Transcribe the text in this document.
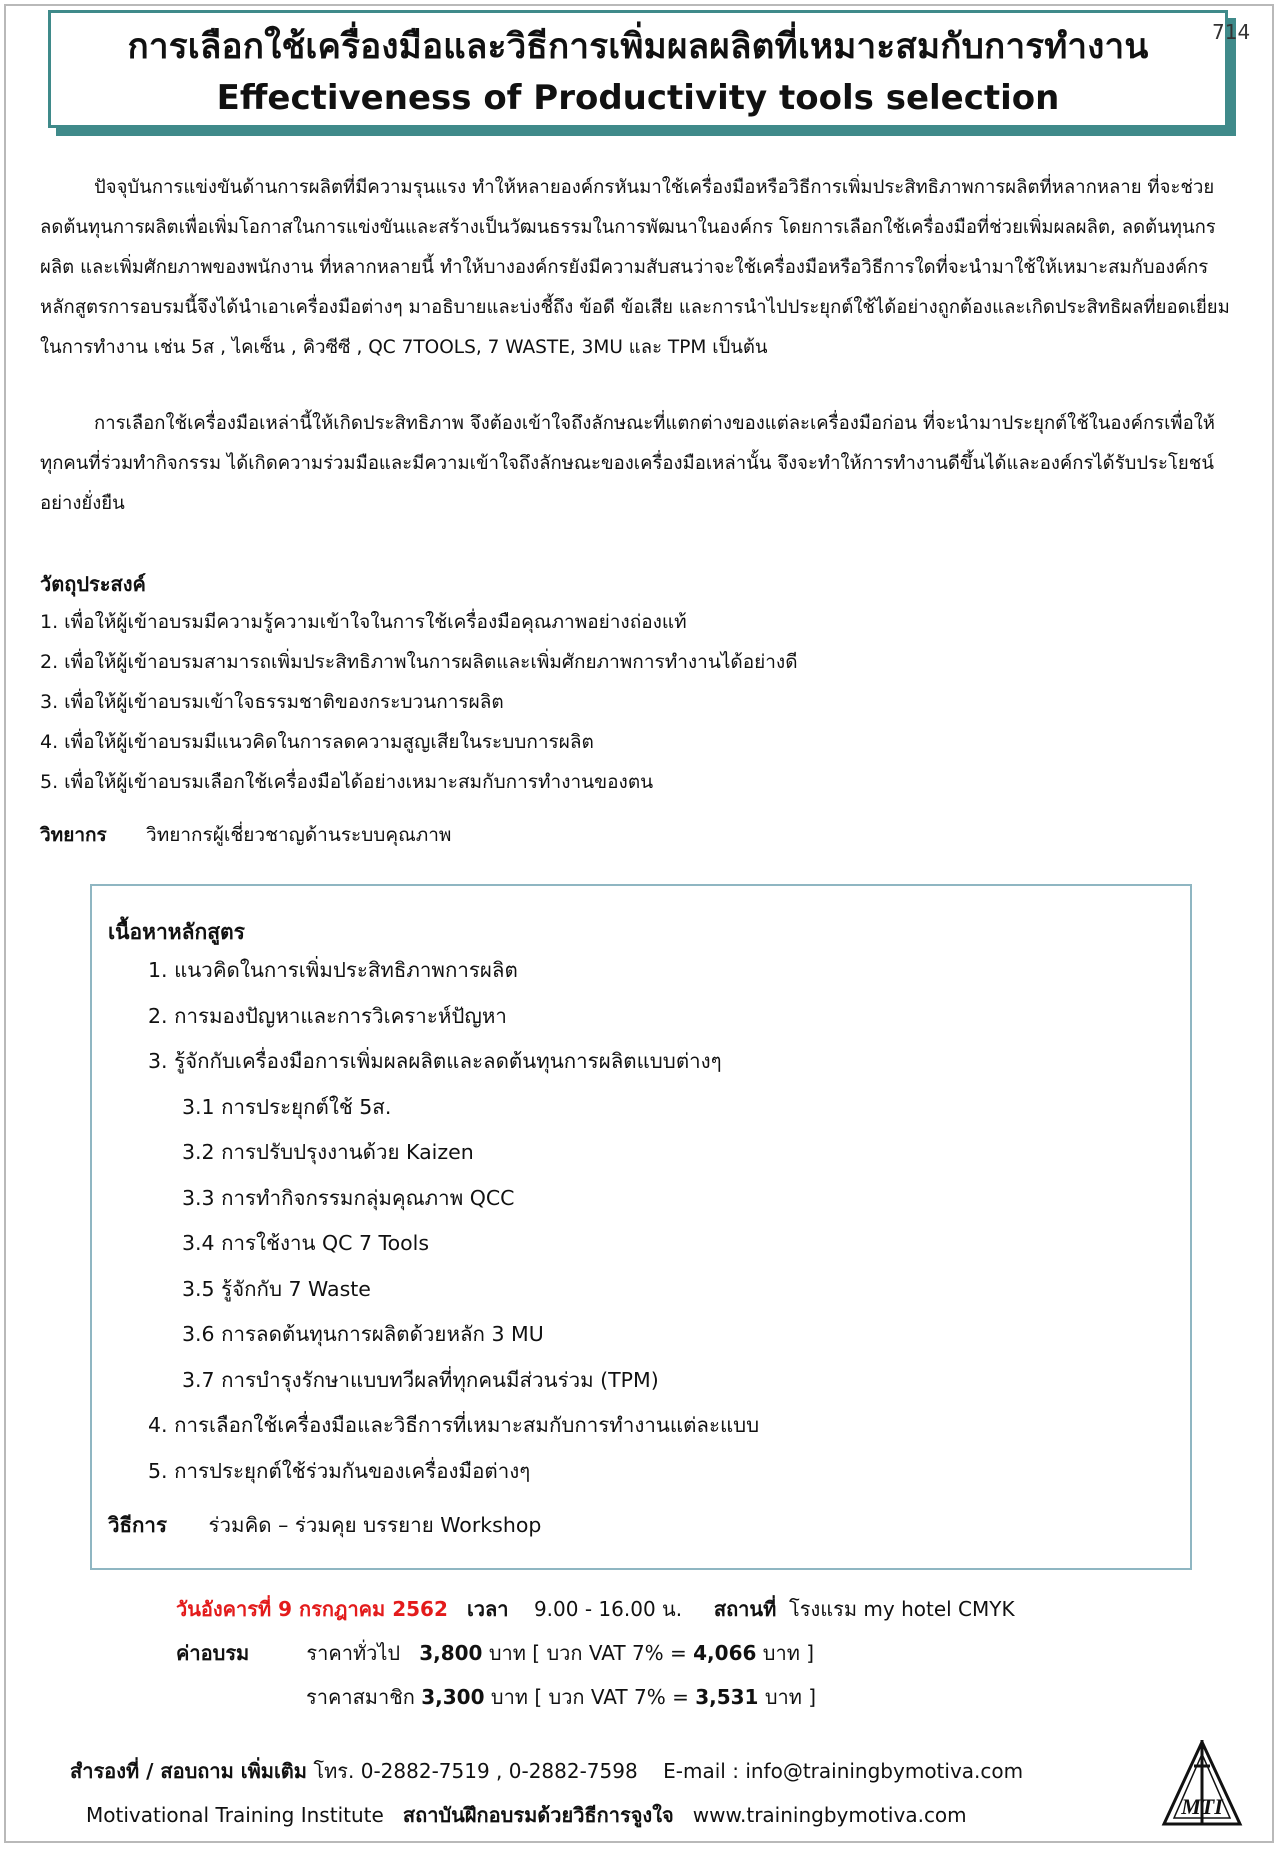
การเลือกใช้เครื่องมือและวิธีการเพิ่มผลผลิตที่เหมาะสมกับการทำงาน
Effectiveness of Productivity tools selection
714
ปัจจุบันการแข่งขันด้านการผลิตที่มีความรุนแรง ทำให้หลายองค์กรหันมาใช้เครื่องมือหรือวิธีการเพิ่มประสิทธิภาพการผลิตที่หลากหลาย ที่จะช่วยลดต้นทุนการผลิตเพื่อเพิ่มโอกาสในการแข่งขันและสร้างเป็นวัฒนธรรมในการพัฒนาในองค์กร โดยการเลือกใช้เครื่องมือที่ช่วยเพิ่มผลผลิต, ลดต้นทุนกรผลิต และเพิ่มศักยภาพของพนักงาน ที่หลากหลายนี้ ทำให้บางองค์กรยังมีความสับสนว่าจะใช้เครื่องมือหรือวิธีการใดที่จะนำมาใช้ให้เหมาะสมกับองค์กร หลักสูตรการอบรมนี้จึงได้นำเอาเครื่องมือต่างๆ มาอธิบายและบ่งชี้ถึง ข้อดี ข้อเสีย และการนำไปประยุกต์ใช้ได้อย่างถูกต้องและเกิดประสิทธิผลที่ยอดเยี่ยมในการทำงาน เช่น 5ส , ไคเซ็น , คิวซีซี , QC 7TOOLS, 7 WASTE, 3MU และ TPM เป็นต้น
การเลือกใช้เครื่องมือเหล่านี้ให้เกิดประสิทธิภาพ จึงต้องเข้าใจถึงลักษณะที่แตกต่างของแต่ละเครื่องมือก่อน ที่จะนำมาประยุกต์ใช้ในองค์กรเพื่อให้ทุกคนที่ร่วมทำกิจกรรม ได้เกิดความร่วมมือและมีความเข้าใจถึงลักษณะของเครื่องมือเหล่านั้น จึงจะทำให้การทำงานดีขึ้นได้และองค์กรได้รับประโยชน์อย่างยั่งยืน
วัตถุประสงค์
1. เพื่อให้ผู้เข้าอบรมมีความรู้ความเข้าใจในการใช้เครื่องมือคุณภาพอย่างถ่องแท้
2. เพื่อให้ผู้เข้าอบรมสามารถเพิ่มประสิทธิภาพในการผลิตและเพิ่มศักยภาพการทำงานได้อย่างดี
3. เพื่อให้ผู้เข้าอบรมเข้าใจธรรมชาติของกระบวนการผลิต
4. เพื่อให้ผู้เข้าอบรมมีแนวคิดในการลดความสูญเสียในระบบการผลิต
5. เพื่อให้ผู้เข้าอบรมเลือกใช้เครื่องมือได้อย่างเหมาะสมกับการทำงานของตน
วิทยากร วิทยากรผู้เชี่ยวชาญด้านระบบคุณภาพ
เนื้อหาหลักสูตร
1. แนวคิดในการเพิ่มประสิทธิภาพการผลิต
2. การมองปัญหาและการวิเคราะห์ปัญหา
3. รู้จักกับเครื่องมือการเพิ่มผลผลิตและลดต้นทุนการผลิตแบบต่างๆ
3.1 การประยุกต์ใช้ 5ส.
3.2 การปรับปรุงงานด้วย Kaizen
3.3 การทำกิจกรรมกลุ่มคุณภาพ QCC
3.4 การใช้งาน QC 7 Tools
3.5 รู้จักกับ 7 Waste
3.6 การลดต้นทุนการผลิตด้วยหลัก 3 MU
3.7 การบำรุงรักษาแบบทวีผลที่ทุกคนมีส่วนร่วม (TPM)
4. การเลือกใช้เครื่องมือและวิธีการที่เหมาะสมกับการทำงานแต่ละแบบ
5. การประยุกต์ใช้ร่วมกันของเครื่องมือต่างๆ
วิธีการ ร่วมคิด – ร่วมคุย บรรยาย Workshop
วันอังคารที่ 9 กรกฎาคม 2562 เวลา 9.00 - 16.00 น. สถานที่ โรงแรม my hotel CMYK
ค่าอบรม	ราคาทั่วไป 3,800 บาท [ บวก VAT 7% = 4,066 บาท ]
ราคาสมาชิก 3,300 บาท [ บวก VAT 7% = 3,531 บาท ]
สำรองที่ / สอบถาม เพิ่มเติม โทร. 0-2882-7519 , 0-2882-7598 E-mail : info@trainingbymotiva.com
Motivational Training Institute สถาบันฝึกอบรมด้วยวิธีการจูงใจ www.trainingbymotiva.com	MTI
